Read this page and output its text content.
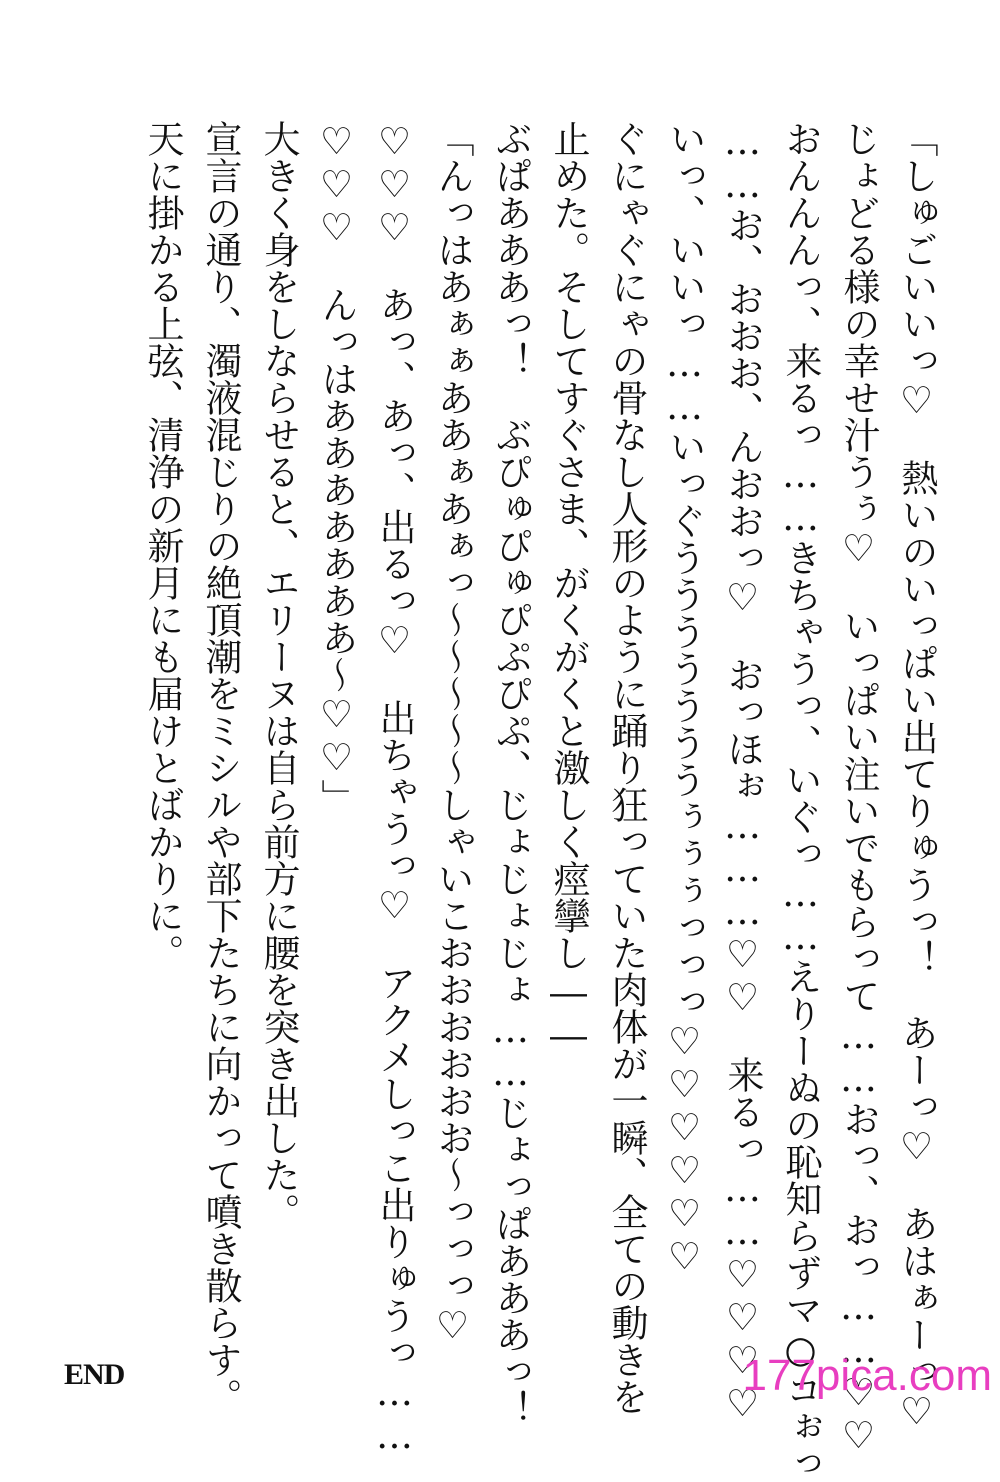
「しゅごいいっ♡　熱いのいっぱい出てりゅうっ！　あーっ♡　あはぁーっ♡

じょどる様の幸せ汁うぅ♡　いっぱい注いでもらって……おっ、おっ……♡♡

おんんんっ、来るっ……きちゃうっ、いぐっ……えりーぬの恥知らずマ○コぉっ

……お、おおお、んおおっ♡　おっほぉ………♡♡　来るっ……♡♡♡♡

いっ、いいっ……いっぐうううううううぅぅぅっっっ♡♡♡♡♡♡

ぐにゃぐにゃの骨なし人形のように踊り狂っていた肉体が一瞬、全ての動きを

止めた。そしてすぐさま、がくがくと激しく痙攣し――

ぶぱあああっ！　ぶぴゅぴゅぴぷぴぷ、じょじょじょ……じょっぱあああっ！

「んっはあぁぁああぁあぁっ～～～～～しゃいこおおおおおお～っっっ♡

♡♡♡　あっ、あっ、出るっ♡　出ちゃうっ♡　アクメしっこ出りゅうっ……

♡♡♡　んっはあああああああ～♡♡」

大きく身をしならせると、エリーヌは自ら前方に腰を突き出した。

宣言の通り、濁液混じりの絶頂潮をミシルや部下たちに向かって噴き散らす。

天に掛かる上弦、清浄の新月にも届けとばかりに。

END	177pica.com
